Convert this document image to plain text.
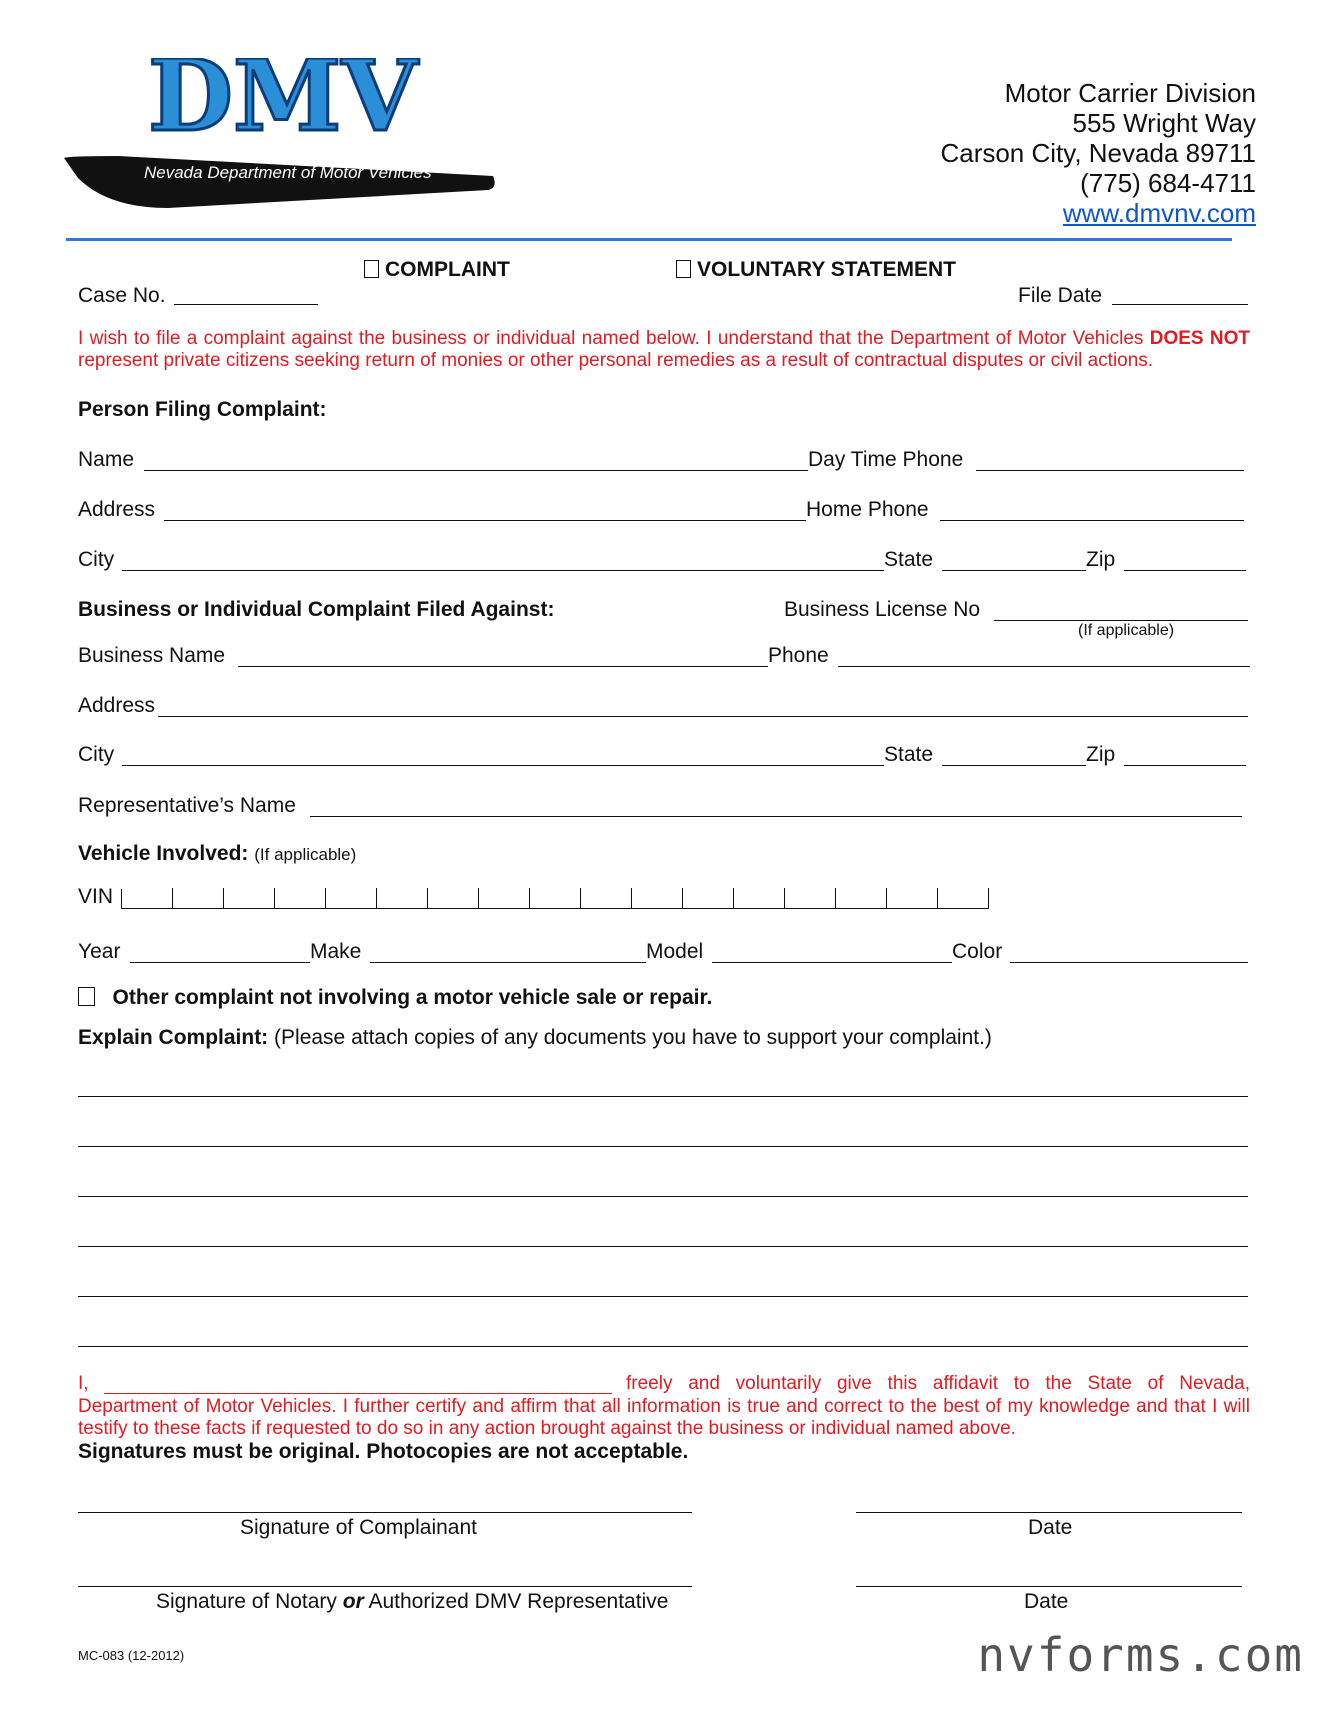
DMV
Nevada Department of Motor Vehicles
Motor Carrier Division
555 Wright Way
Carson City, Nevada 89711
(775) 684-4711
www.dmvnv.com
COMPLAINT	VOLUNTARY STATEMENT
Case No.	File Date
I wish to file a complaint against the business or individual named below. I understand that the Department of Motor Vehicles DOES NOT represent private citizens seeking return of monies or other personal remedies as a result of contractual disputes or civil actions.
Person Filing Complaint:
Name	Day Time Phone
Address	Home Phone
City	State	Zip
Business or Individual Complaint Filed Against:	Business License No
(If applicable)
Business Name	Phone
Address
City	State	Zip
Representative’s Name
Vehicle Involved: (If applicable)
VIN
Year	Make	Model	Color
Other complaint not involving a motor vehicle sale or repair.
Explain Complaint: (Please attach copies of any documents you have to support your complaint.)
I,	freely and voluntarily give this affidavit to the State of Nevada,
Department of Motor Vehicles. I further certify and affirm that all information is true and correct to the best of my knowledge and that I will testify to these facts if requested to do so in any action brought against the business or individual named above.
Signatures must be original. Photocopies are not acceptable.
Signature of Complainant	Date
Signature of Notary or Authorized DMV Representative	Date
MC-083 (12-2012)	nvforms.com
